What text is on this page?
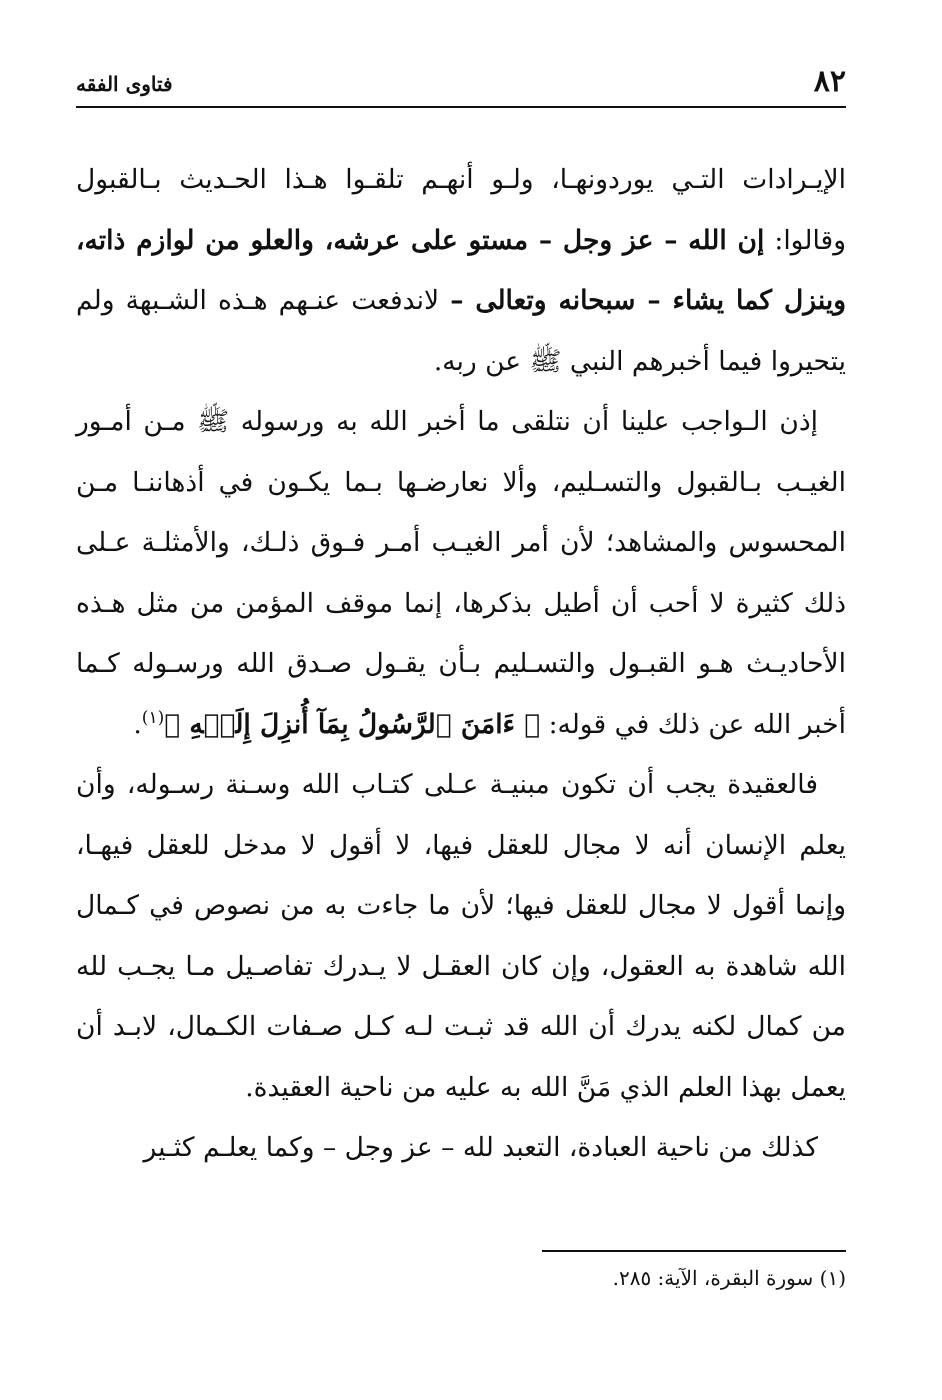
٨٢
فتاوى الفقه

الإيـرادات التـي يوردونهـا، ولـو أنهـم تلقـوا هـذا الحـديث بـالقبول وقالوا: إن الله – عز وجل – مستو على عرشه، والعلو من لوازم ذاته، وينزل كما يشاء – سبحانه وتعالى – لاندفعت عنـهم هـذه الشـبهة ولم يتحيروا فيما أخبرهم النبي ﷺ عن ربه.

إذن الـواجب علينا أن نتلقى ما أخبر الله به ورسوله ﷺ مـن أمـور الغيـب بـالقبول والتسـليم، وألا نعارضـها بـما يكـون في أذهاننـا مـن المحسوس والمشاهد؛ لأن أمر الغيـب أمـر فـوق ذلـك، والأمثلـة عـلى ذلك كثيرة لا أحب أن أطيل بذكرها، إنما موقف المؤمن من مثل هـذه الأحاديـث هـو القبـول والتسـليم بـأن يقـول صـدق الله ورسـوله كـما أخبر الله عن ذلك في قوله: ﴿ ءَامَنَ ٱلرَّسُولُ بِمَآ أُنزِلَ إِلَيۡهِ ﴾$^{(١)}$.

فالعقيدة يجب أن تكون مبنيـة عـلى كتـاب الله وسـنة رسـوله، وأن يعلم الإنسان أنه لا مجال للعقل فيها، لا أقول لا مدخل للعقل فيهـا، وإنما أقول لا مجال للعقل فيها؛ لأن ما جاءت به من نصوص في كـمال الله شاهدة به العقول، وإن كان العقـل لا يـدرك تفاصـيل مـا يجـب لله من كمال لكنه يدرك أن الله قد ثبـت لـه كـل صـفات الكـمال، لابـد أن يعمل بهذا العلم الذي مَنَّ الله به عليه من ناحية العقيدة.

كذلك من ناحية العبادة، التعبد لله – عز وجل – وكما يعلـم كثـير

(١) سورة البقرة، الآية: ٢٨٥.
